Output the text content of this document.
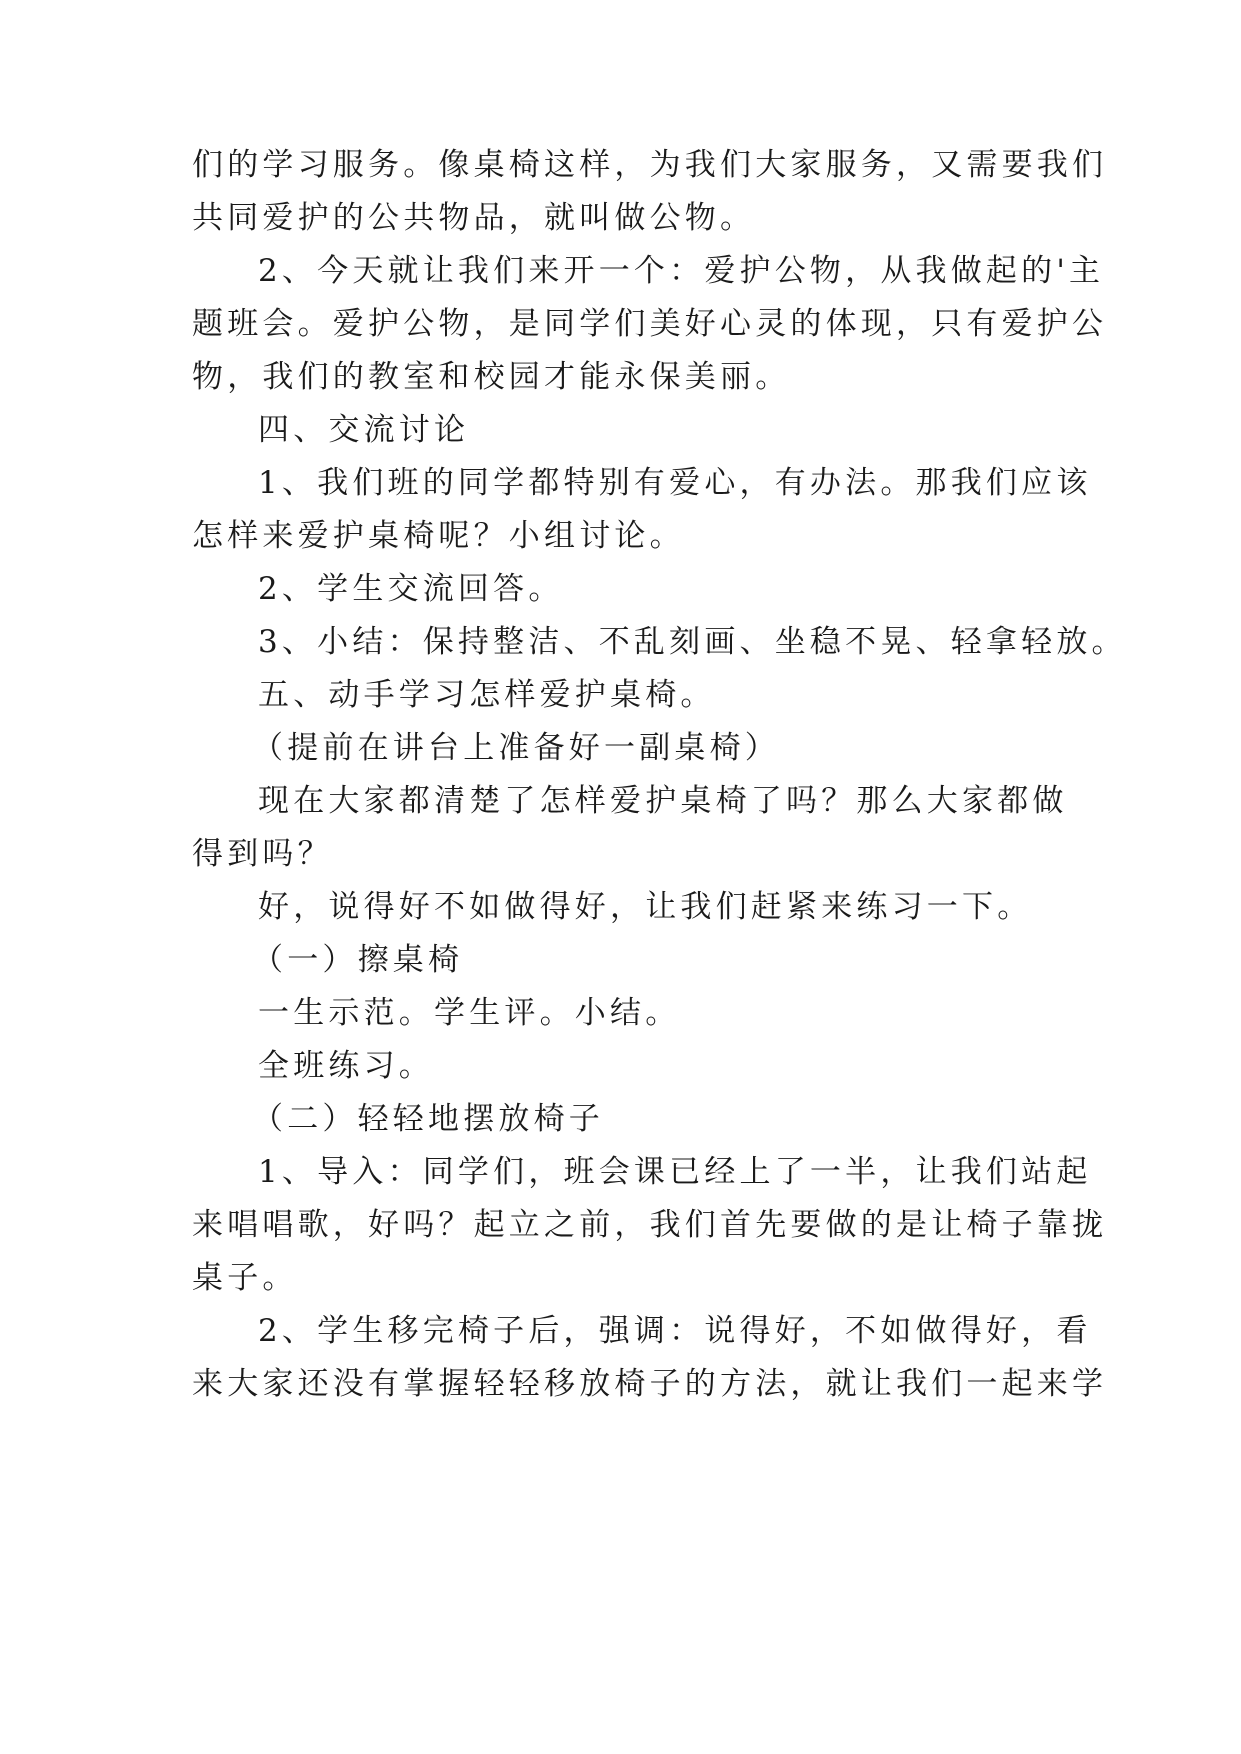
们的学习服务。像桌椅这样，为我们大家服务，又需要我们

共同爱护的公共物品，就叫做公物。

2、今天就让我们来开一个：爱护公物，从我做起的'主

题班会。爱护公物，是同学们美好心灵的体现，只有爱护公

物，我们的教室和校园才能永保美丽。

四、交流讨论

1、我们班的同学都特别有爱心，有办法。那我们应该

怎样来爱护桌椅呢？小组讨论。

2、学生交流回答。

3、小结：保持整洁、不乱刻画、坐稳不晃、轻拿轻放。

五、动手学习怎样爱护桌椅。

（提前在讲台上准备好一副桌椅）

现在大家都清楚了怎样爱护桌椅了吗？那么大家都做

得到吗？

好，说得好不如做得好，让我们赶紧来练习一下。

（一）擦桌椅

一生示范。学生评。小结。

全班练习。

（二）轻轻地摆放椅子

1、导入：同学们，班会课已经上了一半，让我们站起

来唱唱歌，好吗？起立之前，我们首先要做的是让椅子靠拢

桌子。

2、学生移完椅子后，强调：说得好，不如做得好，看

来大家还没有掌握轻轻移放椅子的方法，就让我们一起来学
